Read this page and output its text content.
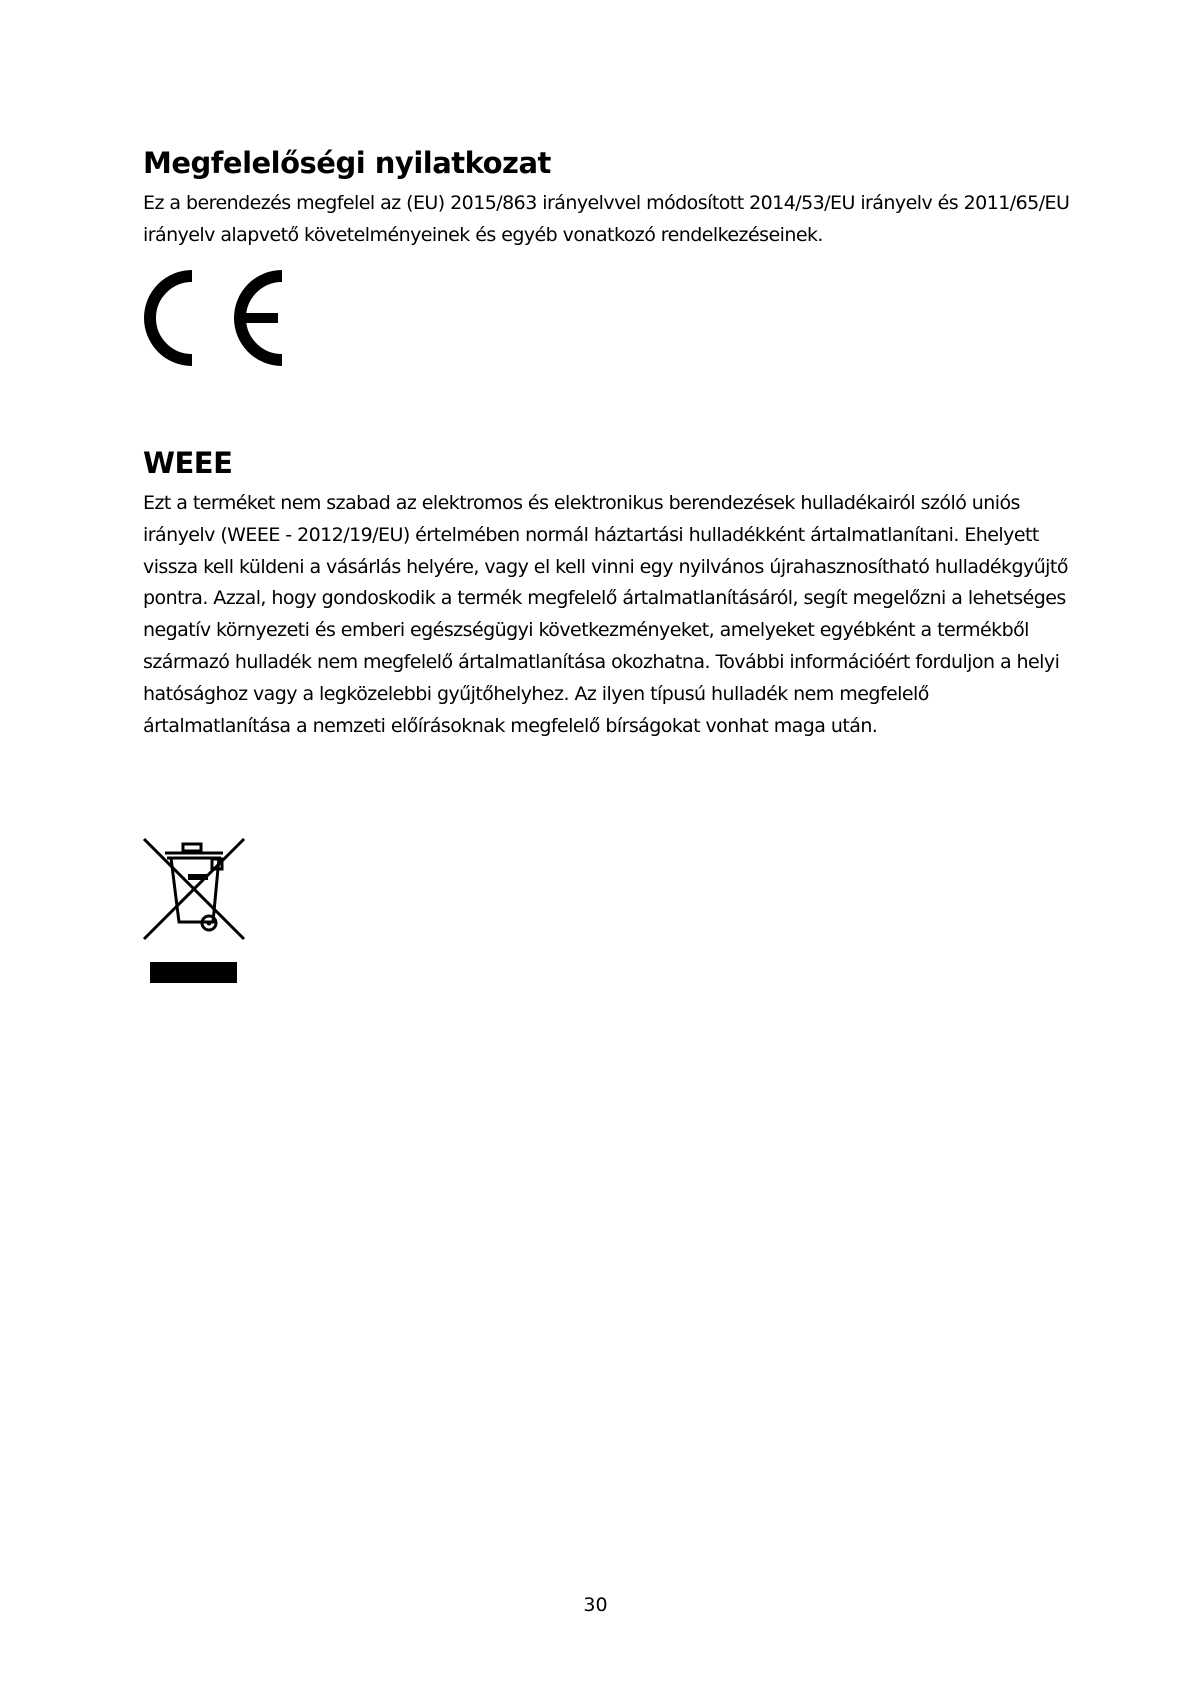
Megfelelőségi nyilatkozat

Ez a berendezés megfelel az (EU) 2015/863 irányelvvel módosított 2014/53/EU irányelv és 2011/65/EU irányelv alapvető követelményeinek és egyéb vonatkozó rendelkezéseinek.

WEEE

Ezt a terméket nem szabad az elektromos és elektronikus berendezések hulladékairól szóló uniós irányelv (WEEE - 2012/19/EU) értelmében normál háztartási hulladékként ártalmatlanítani. Ehelyett vissza kell küldeni a vásárlás helyére, vagy el kell vinni egy nyilvános újrahasznosítható hulladékgyűjtő pontra. Azzal, hogy gondoskodik a termék megfelelő ártalmatlanításáról, segít megelőzni a lehetséges negatív környezeti és emberi egészségügyi következményeket, amelyeket egyébként a termékből származó hulladék nem megfelelő ártalmatlanítása okozhatna. További információért forduljon a helyi hatósághoz vagy a legközelebbi gyűjtőhelyhez. Az ilyen típusú hulladék nem megfelelő ártalmatlanítása a nemzeti előírásoknak megfelelő bírságokat vonhat maga után.

30
